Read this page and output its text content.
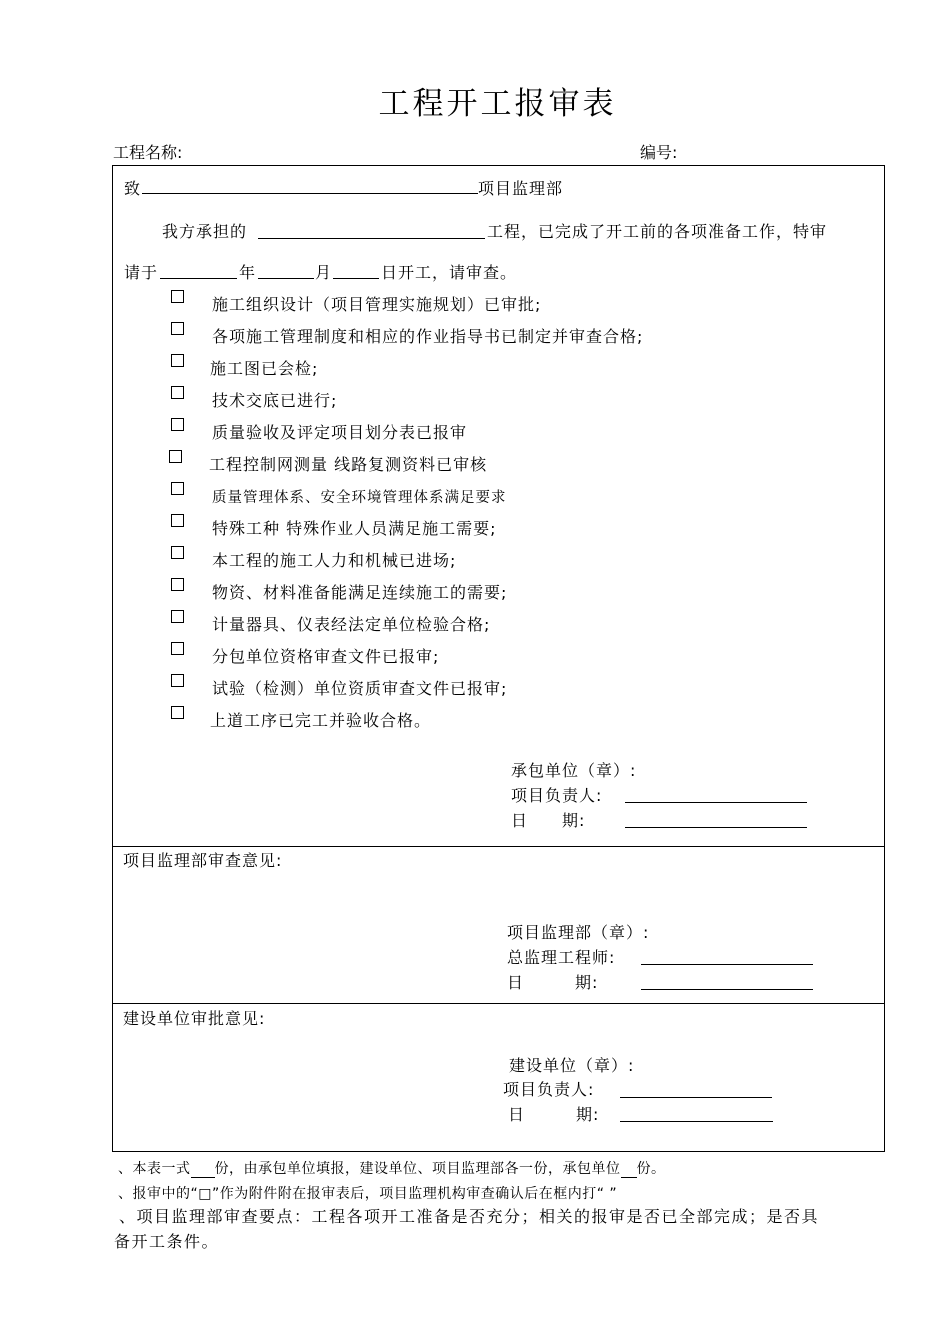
工程开工报审表
工程名称:	编号:
致	项目监理部
我方承担的	工程，已完成了开工前的各项准备工作，特审
请于	年	月	日开工，请审查。
施工组织设计（项目管理实施规划）已审批;
各项施工管理制度和相应的作业指导书已制定并审查合格;
施工图已会检;
技术交底已进行;
质量验收及评定项目划分表已报审
工程控制网测量 线路复测资料已审核
质量管理体系、安全环境管理体系满足要求
特殊工种 特殊作业人员满足施工需要;
本工程的施工人力和机械已进场;
物资、材料准备能满足连续施工的需要;
计量器具、仪表经法定单位检验合格;
分包单位资格审查文件已报审;
试验（检测）单位资质审查文件已报审;
上道工序已完工并验收合格。
承包单位（章）:
项目负责人:
日　　期:
项目监理部审查意见:
项目监理部（章）:
总监理工程师:
日　　　期:
建设单位审批意见:
建设单位（章）:
项目负责人:
日　　　期:
、本表一式 份，由承包单位填报，建设单位、项目监理部各一份，承包单位 份。
、报审中的“□”作为附件附在报审表后，项目监理机构审查确认后在框内打“ ”
、项目监理部审查要点：工程各项开工准备是否充分；相关的报审是否已全部完成；是否具
备开工条件。
